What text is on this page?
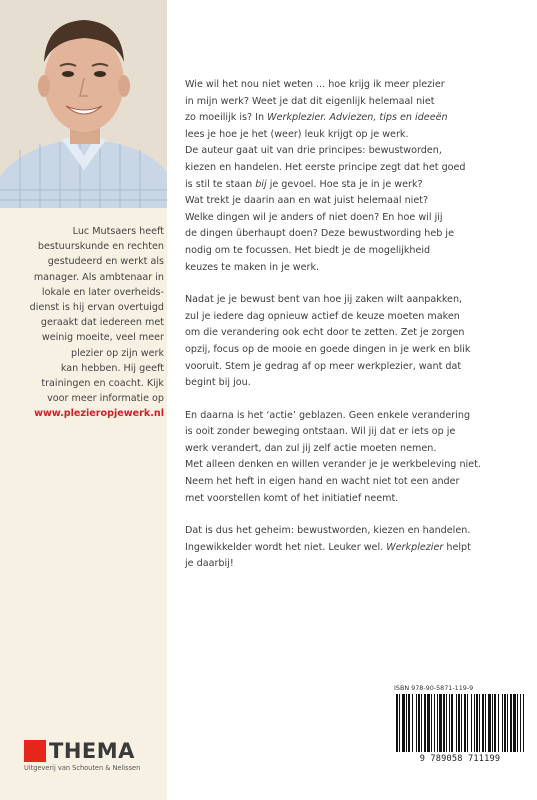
Luc Mutsaers heeft
bestuurskunde en rechten
gestudeerd en werkt als
manager. Als ambtenaar in
lokale en later overheids-
dienst is hij ervan overtuigd
geraakt dat iedereen met
weinig moeite, veel meer
plezier op zijn werk
kan hebben. Hij geeft
trainingen en coacht. Kijk
voor meer informatie op
www.plezieropjewerk.nl

THEMA
Uitgeverij van Schouten & Nelissen

Wie wil het nou niet weten ... hoe krijg ik meer plezier
in mijn werk? Weet je dat dit eigenlijk helemaal niet
zo moeilijk is? In Werkplezier. Adviezen, tips en ideeën
lees je hoe je het (weer) leuk krijgt op je werk.
De auteur gaat uit van drie principes: bewustworden,
kiezen en handelen. Het eerste principe zegt dat het goed
is stil te staan bij je gevoel. Hoe sta je in je werk?
Wat trekt je daarin aan en wat juist helemaal niet?
Welke dingen wil je anders of niet doen? En hoe wil jij
de dingen überhaupt doen? Deze bewustwording heb je
nodig om te focussen. Het biedt je de mogelijkheid
keuzes te maken in je werk.

Nadat je je bewust bent van hoe jij zaken wilt aanpakken,
zul je iedere dag opnieuw actief de keuze moeten maken
om die verandering ook echt door te zetten. Zet je zorgen
opzij, focus op de mooie en goede dingen in je werk en blik
vooruit. Stem je gedrag af op meer werkplezier, want dat
begint bij jou.

En daarna is het ‘actie’ geblazen. Geen enkele verandering
is ooit zonder beweging ontstaan. Wil jij dat er iets op je
werk verandert, dan zul jij zelf actie moeten nemen.
Met alleen denken en willen verander je je werkbeleving niet.
Neem het heft in eigen hand en wacht niet tot een ander
met voorstellen komt of het initiatief neemt.

Dat is dus het geheim: bewustworden, kiezen en handelen.
Ingewikkelder wordt het niet. Leuker wel. Werkplezier helpt
je daarbij!

ISBN 978-90-5871-119-9
9 789058 711199
